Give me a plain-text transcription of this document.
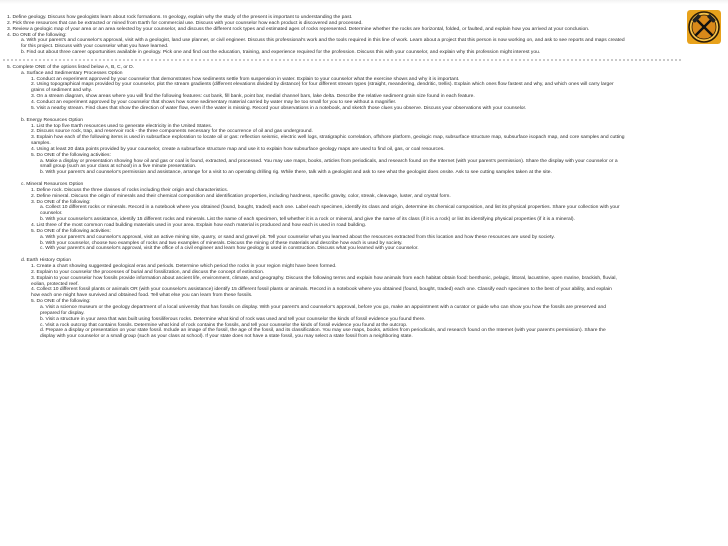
1. Define geology. Discuss how geologists learn about rock formations. In geology, explain why the study of the present is important to understanding the past.
2. Pick three resources that can be extracted or mined from Earth for commercial use. Discuss with your counselor how each product is discovered and processed.
3. Review a geologic map of your area or an area selected by your counselor, and discuss the different rock types and estimated ages of rocks represented. Determine whether the rocks are horizontal, folded, or faulted, and explain how you arrived at your conclusion.
4. Do ONE of the following:
a. With your parent's and counselor's approval, visit with a geologist, land use planner, or civil engineer. Discuss this professional's work and the tools required in this line of work. Learn about a project that this person is now working on, and ask to see reports and maps created
for this project. Discuss with your counselor what you have learned.
b. Find out about three career opportunities available in geology. Pick one and find out the education, training, and experience required for the profession. Discuss this with your counselor, and explain why this profession might interest you.
5. Complete ONE of the options listed below A, B, C, or D.
a. Surface and Sedimentary Processes Option
1. Conduct an experiment approved by your counselor that demonstrates how sediments settle from suspension in water. Explain to your counselor what the exercise shows and why it is important.
2. Using topographical maps provided by your counselor, plot the stream gradients (different elevations divided by distance) for four different stream types (straight, meandering, dendritic, trellis). Explain which ones flow fastest and why, and which ones will carry larger
grains of sediment and why.
3. On a stream diagram, show areas where you will find the following features: cut bank, fill bank, point bar, medial channel bars, lake delta. Describe the relative sediment grain size found in each feature.
4. Conduct an experiment approved by your counselor that shows how some sedimentary material carried by water may be too small for you to see without a magnifier.
5. Visit a nearby stream. Find clues that show the direction of water flow, even if the water is missing. Record your observations in a notebook, and sketch those clues you observe. Discuss your observations with your counselor.
b. Energy Resources Option
1. List the top five Earth resources used to generate electricity in the United States.
2. Discuss source rock, trap, and reservoir rock - the three components necessary for the occurrence of oil and gas underground.
3. Explain how each of the following items is used in subsurface exploration to locate oil or gas: reflection seismic, electric well logs, stratigraphic correlation, offshore platform, geologic map, subsurface structure map, subsurface isopach map, and core samples and cutting
samples.
4. Using at least 20 data points provided by your counselor, create a subsurface structure map and use it to explain how subsurface geology maps are used to find oil, gas, or coal resources.
5. Do ONE of the following activities:
a. Make a display or presentation showing how oil and gas or coal is found, extracted, and processed. You may use maps, books, articles from periodicals, and research found on the Internet (with your parent's permission). Share the display with your counselor or a
small group (such as your class at school) in a five minute presentation.
b. With your parent's and counselor's permission and assistance, arrange for a visit to an operating drilling rig. While there, talk with a geologist and ask to see what the geologist does onsite. Ask to see cutting samples taken at the site.
c. Mineral Resources Option
1. Define rock. Discuss the three classes of rocks including their origin and characteristics.
2. Define mineral. Discuss the origin of minerals and their chemical composition and identification properties, including hardness, specific gravity, color, streak, cleavage, luster, and crystal form.
3. Do ONE of the following:
a. Collect 10 different rocks or minerals. Record in a notebook where you obtained (found, bought, traded) each one. Label each specimen, identify its class and origin, determine its chemical composition, and list its physical properties. Share your collection with your
counselor.
b. With your counselor's assistance, identify 15 different rocks and minerals. List the name of each specimen, tell whether it is a rock or mineral, and give the name of its class (if it is a rock) or list its identifying physical properties (if it is a mineral).
4. List three of the most common road building materials used in your area. Explain how each material is produced and how each is used in road building.
5. Do ONE of the following activities:
a. With your parent's and counselor's approval, visit an active mining site, quarry, or sand and gravel pit. Tell your counselor what you learned about the resources extracted from this location and how these resources are used by society.
b. With your counselor, choose two examples of rocks and two examples of minerals. Discuss the mining of these materials and describe how each is used by society.
c. With your parent's and counselor's approval, visit the office of a civil engineer and learn how geology is used in construction. Discuss what you learned with your counselor.
d. Earth History Option
1. Create a chart showing suggested geological eras and periods. Determine which period the rocks in your region might have been formed.
2. Explain to your counselor the processes of burial and fossilization, and discuss the concept of extinction.
3. Explain to your counselor how fossils provide information about ancient life, environment, climate, and geography. Discuss the following terms and explain how animals from each habitat obtain food: benthonic, pelagic, littoral, lacustrine, open marine, brackish, fluvial,
eolian, protected reef.
4. Collect 10 different fossil plants or animals OR (with your counselor's assistance) identify 15 different fossil plants or animals. Record in a notebook where you obtained (found, bought, traded) each one. Classify each specimen to the best of your ability, and explain
how each one might have survived and obtained food. Tell what else you can learn from these fossils.
5. Do ONE of the following:
a. Visit a science museum or the geology department of a local university that has fossils on display. With your parent's and counselor's approval, before you go, make an appointment with a curator or guide who can show you how the fossils are preserved and
prepared for display.
b. Visit a structure in your area that was built using fossiliferous rocks. Determine what kind of rock was used and tell your counselor the kinds of fossil evidence you found there.
c. Visit a rock outcrop that contains fossils. Determine what kind of rock contains the fossils, and tell your counselor the kinds of fossil evidence you found at the outcrop.
d. Prepare a display or presentation on your state fossil. Include an image of the fossil, the age of the fossil, and its classification. You may use maps, books, articles from periodicals, and research found on the Internet (with your parent's permission). Share the
display with your counselor or a small group (such as your class at school). If your state does not have a state fossil, you may select a state fossil from a neighboring state.
